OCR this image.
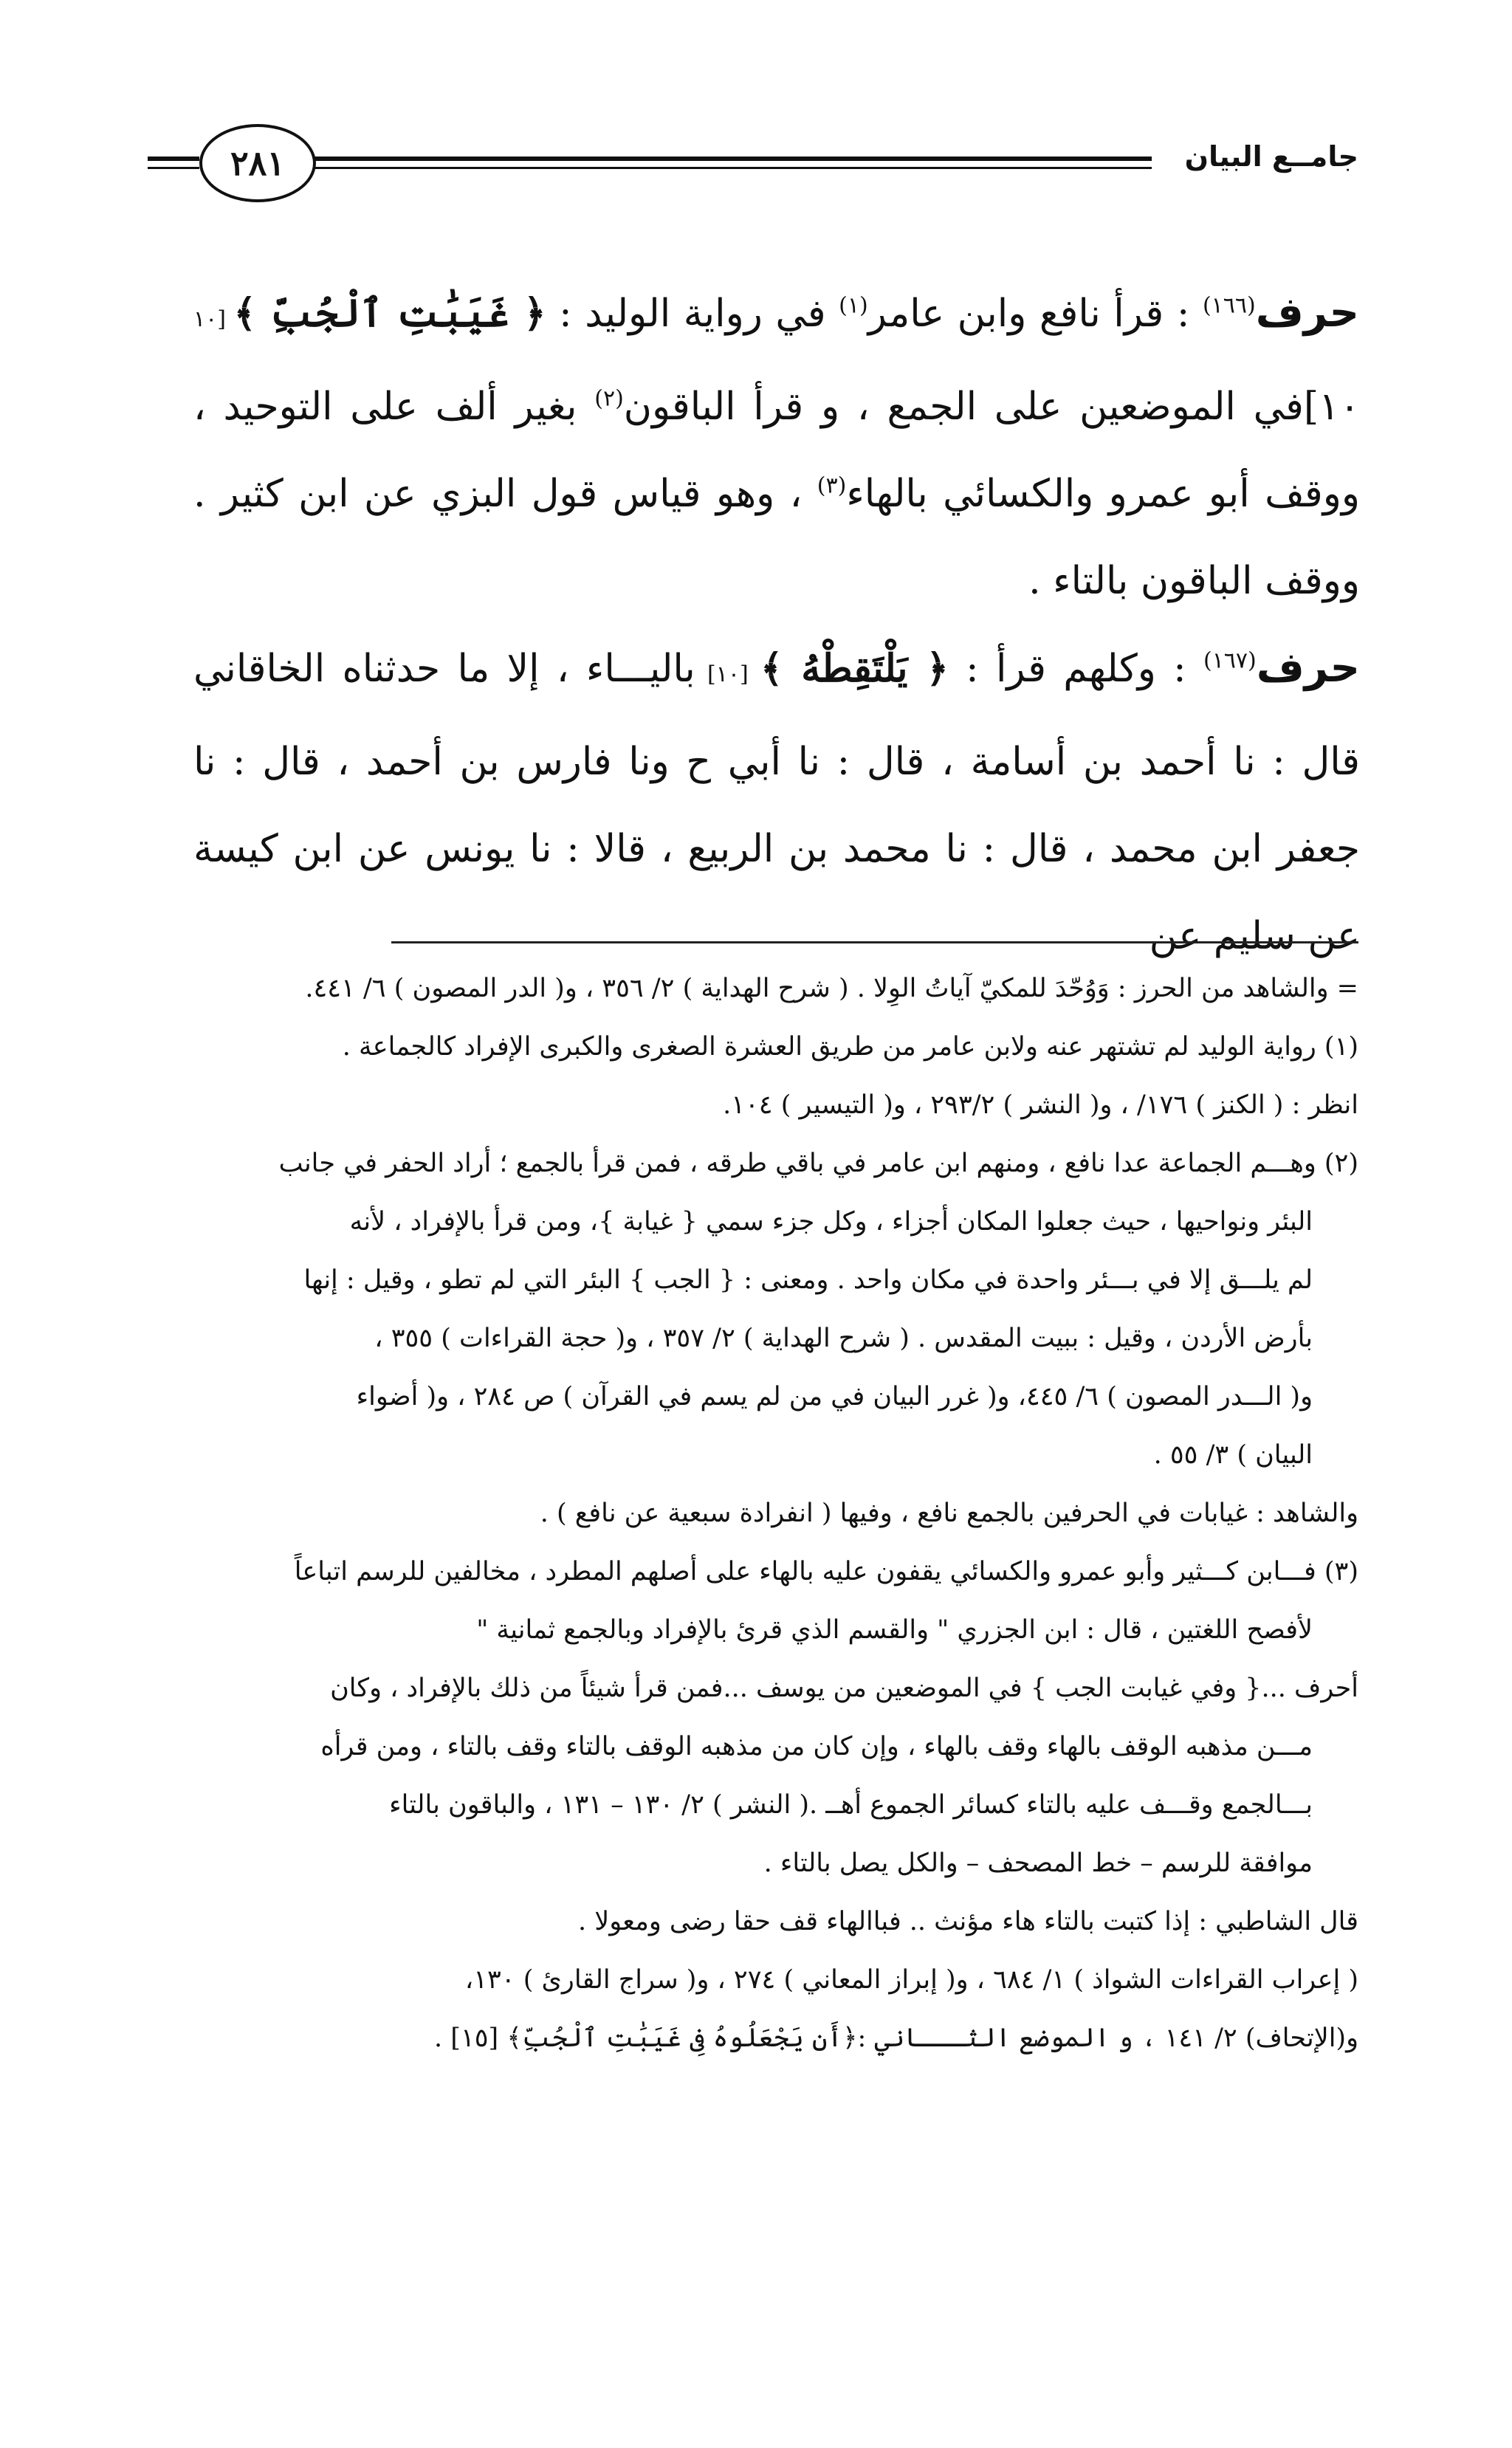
٢٨١	جامــع البيان

حرف$^{(١٦٦)}$ : قرأ نافع وابن عامر$^{(١)}$ في رواية الوليد : ﴿ غَيَبَٰتِ ٱلْجُبِّ ﴾ [١٠ ١٠]في الموضعين على الجمع ، و قرأ الباقون$^{(٢)}$ بغير ألف على التوحيد ، ووقف أبو عمرو والكسائي بالهاء$^{(٣)}$ ، وهو قياس قول البزي عن ابن كثير . ووقف الباقون بالتاء .

حرف$^{(١٦٧)}$ : وكلهم قرأ : ﴿ يَلْتَقِطْهُ ﴾ [١٠] باليـــاء ، إلا ما حدثناه الخاقاني قال : نا أحمد بن أسامة ، قال : نا أبي ح ونا فارس بن أحمد ، قال : نا جعفر ابن محمد ، قال : نا محمد بن الربيع ، قالا : نا يونس عن ابن كيسة عن سليم عن

= والشاهد من الحرز : وَوُحّدَ للمكيّ آياتُ الوِلا . ( شرح الهداية ) ٢/ ٣٥٦ ، و( الدر المصون ) ٦/ ٤٤١.

(١) رواية الوليد لم تشتهر عنه ولابن عامر من طريق العشرة الصغرى والكبرى الإفراد كالجماعة .

انظر : ( الكنز ) ١٧٦/ ، و( النشر ) ٢٩٣/٢ ، و( التيسير ) ١٠٤.

(٢) وهـــم الجماعة عدا نافع ، ومنهم ابن عامر في باقي طرقه ، فمن قرأ بالجمع ؛ أراد الحفر في جانب

البئر ونواحيها ، حيث جعلوا المكان أجزاء ، وكل جزء سمي { غيابة }، ومن قرأ بالإفراد ، لأنه

لم يلـــق إلا في بـــئر واحدة في مكان واحد . ومعنى : { الجب } البئر التي لم تطو ، وقيل : إنها

بأرض الأردن ، وقيل : ببيت المقدس . ( شرح الهداية ) ٢/ ٣٥٧ ، و( حجة القراءات ) ٣٥٥ ،

و( الـــدر المصون ) ٦/ ٤٤٥، و( غرر البيان في من لم يسم في القرآن ) ص ٢٨٤ ، و( أضواء

البيان ) ٣/ ٥٥ .

والشاهد : غيابات في الحرفين بالجمع نافع ، وفيها ( انفرادة سبعية عن نافع ) .

(٣) فـــابن كـــثير وأبو عمرو والكسائي يقفون عليه بالهاء على أصلهم المطرد ، مخالفين للرسم اتباعاً

لأفصح اللغتين ، قال : ابن الجزري " والقسم الذي قرئ بالإفراد وبالجمع ثمانية "

أحرف ...{ وفي غيابت الجب } في الموضعين من يوسف ...فمن قرأ شيئاً من ذلك بالإفراد ، وكان

مـــن مذهبه الوقف بالهاء وقف بالهاء ، وإن كان من مذهبه الوقف بالتاء وقف بالتاء ، ومن قرأه

بـــالجمع وقـــف عليه بالتاء كسائر الجموع أهــ .( النشر ) ٢/ ١٣٠ – ١٣١ ، والباقون بالتاء

موافقة للرسم – خط المصحف – والكل يصل بالتاء .

قال الشاطبي : إذا كتبت بالتاء هاء مؤنث .. فباالهاء قف حقا رضى ومعولا .

( إعراب القراءات الشواذ ) ١/ ٦٨٤ ، و( إبراز المعاني ) ٢٧٤ ، و( سراج القارئ ) ١٣٠،

و(الإتحاف) ٢/ ١٤١ ، و الموضع الثـــاني :﴿أَن يَجْعَلُوهُ فِى غَيَبَٰتِ ٱلْجُبِّ﴾ [١٥] .
